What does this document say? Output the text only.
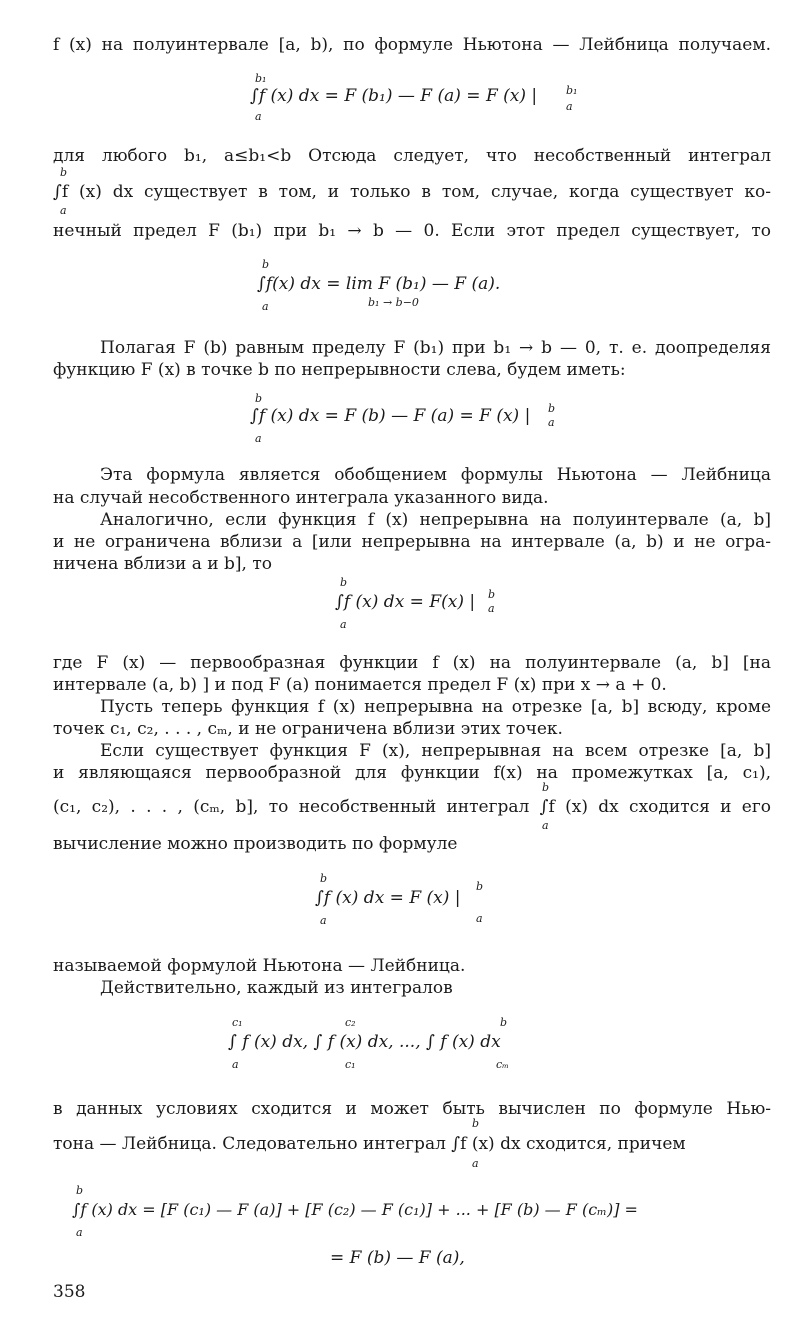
f (x) на полуинтервале [a, b), по формуле Ньютона — Лейбница получаем.
b₁
∫f (x) dx = F (b₁) — F (a) = F (x) |	b₁
a
a
для любого b₁, a≤b₁<b Отсюда следует, что несобственный интеграл
b
∫f (x) dx существует в том, и только в том, случае, когда существует ко-
a
нечный предел F (b₁) при b₁ → b — 0. Если этот предел существует, то
b
∫f(x) dx = lim F (b₁) — F (a).
a	b₁ → b−0
Полагая F (b) равным пределу F (b₁) при b₁ → b — 0, т. е. доопределяя
функцию F (x) в точке b по непрерывности слева, будем иметь:
b
∫f (x) dx = F (b) — F (a) = F (x) | b
a
a
Эта формула является обобщением формулы Ньютона — Лейбница
на случай несобственного интеграла указанного вида.
Аналогично, если функция f (x) непрерывна на полуинтервале (a, b]
и не ограничена вблизи a [или непрерывна на интервале (a, b) и не огра-
ничена вблизи a и b], то
b
∫f (x) dx = F(x) | b
a
a
где F (x) — первообразная функции f (x) на полуинтервале (a, b] [на
интервале (a, b) ] и под F (a) понимается предел F (x) при x → a + 0.
Пусть теперь функция f (x) непрерывна на отрезке [a, b] всюду, кроме
точек c₁, c₂, . . . , cₘ, и не ограничена вблизи этих точек.
Если существует функция F (x), непрерывная на всем отрезке [a, b]
и являющаяся первообразной для функции f(x) на промежутках [a, c₁),
b
(c₁, c₂), . . . , (cₘ, b], то несобственный интеграл ∫f (x) dx сходится и его
a
вычисление можно производить по формуле
b
∫f (x) dx = F (x) |
b
a
a
называемой формулой Ньютона — Лейбница.
Действительно, каждый из интегралов
c₁	c₂	b
∫ f (x) dx, ∫ f (x) dx, ..., ∫ f (x) dx
a	c₁	cₘ
в данных условиях сходится и может быть вычислен по формуле Нью-
b
тона — Лейбница. Следовательно интеграл ∫f (x) dx сходится, причем
a
b
∫f (x) dx = [F (c₁) — F (a)] + [F (c₂) — F (c₁)] + ... + [F (b) — F (cₘ)] =
a
= F (b) — F (a),
358
